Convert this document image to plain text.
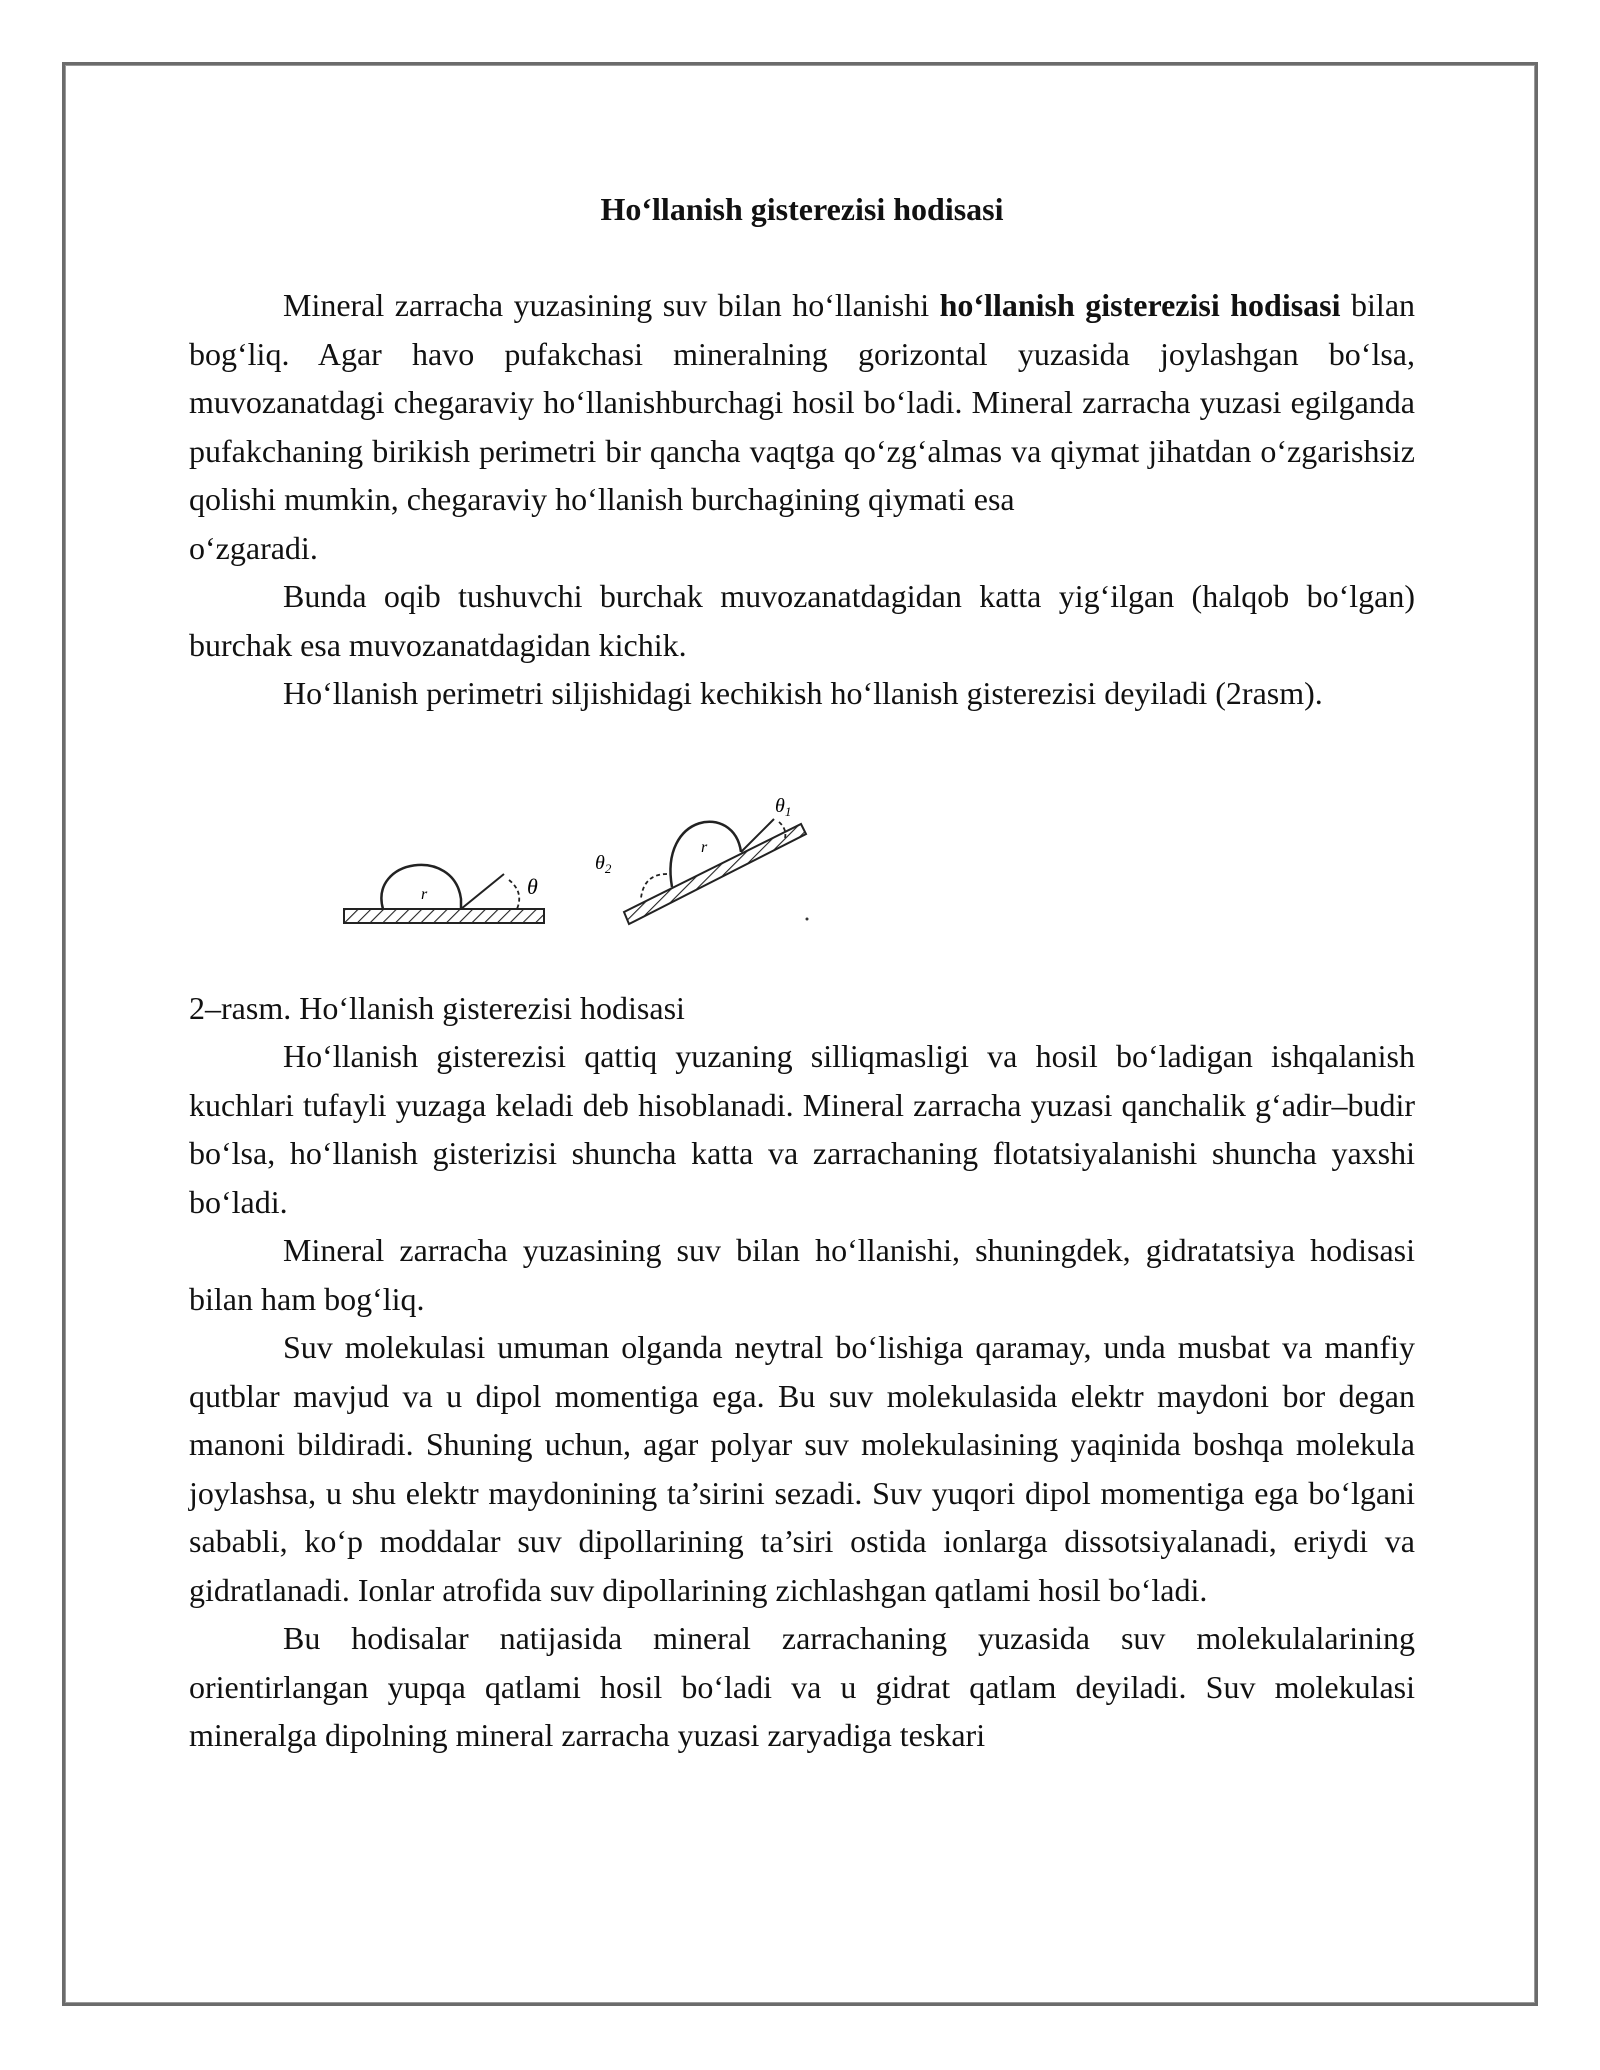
Ho‘llanish gisterezisi hodisasi

Mineral zarracha yuzasining suv bilan ho‘llanishi ho‘llanish gisterezisi hodisasi bilan bog‘liq. Agar havo pufakchasi mineralning gorizontal yuzasida joylashgan bo‘lsa, muvozanatdagi chegaraviy ho‘llanishburchagi hosil bo‘ladi. Mineral zarracha yuzasi egilganda pufakchaning birikish perimetri bir qancha vaqtga qo‘zg‘almas va qiymat jihatdan o‘zgarishsiz qolishi mumkin, chegaraviy ho‘llanish burchagining qiymati esa

o‘zgaradi.

Bunda oqib tushuvchi burchak muvozanatdagidan katta yig‘ilgan (halqob bo‘lgan) burchak esa muvozanatdagidan kichik.

Ho‘llanish perimetri siljishidagi kechikish ho‘llanish gisterezisi deyiladi (2rasm).

r	θ
r
$\theta_1$
$\theta_2$

2–rasm. Ho‘llanish gisterezisi hodisasi

Ho‘llanish gisterezisi qattiq yuzaning silliqmasligi va hosil bo‘ladigan ishqalanish kuchlari tufayli yuzaga keladi deb hisoblanadi. Mineral zarracha yuzasi qanchalik g‘adir–budir bo‘lsa, ho‘llanish gisterizisi shuncha katta va zarrachaning flotatsiyalanishi shuncha yaxshi bo‘ladi.

Mineral zarracha yuzasining suv bilan ho‘llanishi, shuningdek, gidratatsiya hodisasi bilan ham bog‘liq.

Suv molekulasi umuman olganda neytral bo‘lishiga qaramay, unda musbat va manfiy qutblar mavjud va u dipol momentiga ega. Bu suv molekulasida elektr maydoni bor degan manoni bildiradi. Shuning uchun, agar polyar suv molekulasining yaqinida boshqa molekula joylashsa, u shu elektr maydonining ta’sirini sezadi. Suv yuqori dipol momentiga ega bo‘lgani sababli, ko‘p moddalar suv dipollarining ta’siri ostida ionlarga dissotsiyalanadi, eriydi va gidratlanadi. Ionlar atrofida suv dipollarining zichlashgan qatlami hosil bo‘ladi.

Bu hodisalar natijasida mineral zarrachaning yuzasida suv molekulalarining orientirlangan yupqa qatlami hosil bo‘ladi va u gidrat qatlam deyiladi. Suv molekulasi mineralga dipolning mineral zarracha yuzasi zaryadiga teskari
